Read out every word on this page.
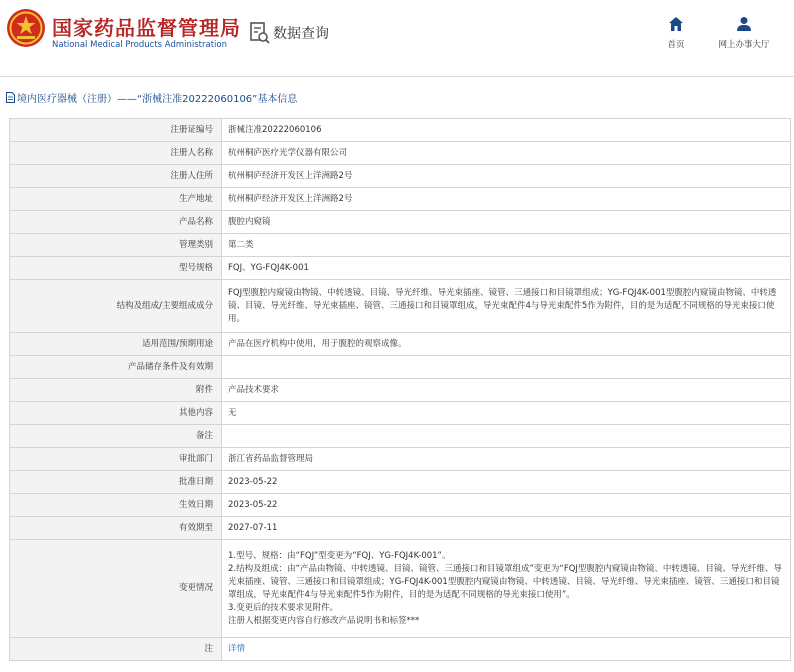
国家药品监督管理局
National Medical Products Administration
数据查询
首页	网上办事大厅
境内医疗器械（注册）——“浙械注准20222060106”基本信息
注册证编号	浙械注准20222060106
注册人名称	杭州桐庐医疗光学仪器有限公司
注册人住所	杭州桐庐经济开发区上洋洲路2号
生产地址	杭州桐庐经济开发区上洋洲路2号
产品名称	腹腔内窥镜
管理类别	第二类
型号规格	FQJ、YG-FQJ4K-001
结构及组成/主要组成成分	FQJ型腹腔内窥镜由物镜、中转透镜、目镜、导光纤维、导光束插座、镜管、三通接口和目镜罩组成；YG-FQJ4K-001型腹腔内窥镜由物镜、中转透镜、目镜、导光纤维、导光束插座、镜管、三通接口和目镜罩组成，导光束配件4与导光束配件5作为附件，目的是为适配不同规格的导光束接口使用。
适用范围/预期用途	产品在医疗机构中使用，用于腹腔的观察成像。
产品储存条件及有效期	
附件	产品技术要求
其他内容	无
备注	
审批部门	浙江省药品监督管理局
批准日期	2023-05-22
生效日期	2023-05-22
有效期至	2027-07-11
变更情况	1.型号、规格：由“FQJ”型变更为“FQJ、YG-FQJ4K-001”。
2.结构及组成：由“产品由物镜、中转透镜、目镜、镜管、三通接口和目镜罩组成”变更为“FQJ型腹腔内窥镜由物镜、中转透镜、目镜、导光纤维、导光束插座、镜管、三通接口和目镜罩组成；YG-FQJ4K-001型腹腔内窥镜由物镜、中转透镜、目镜、导光纤维、导光束插座、镜管、三通接口和目镜罩组成，导光束配件4与导光束配件5作为附件，目的是为适配不同规格的导光束接口使用”。
3.变更后的技术要求见附件。
注册人根据变更内容自行修改产品说明书和标签***

注	详情
